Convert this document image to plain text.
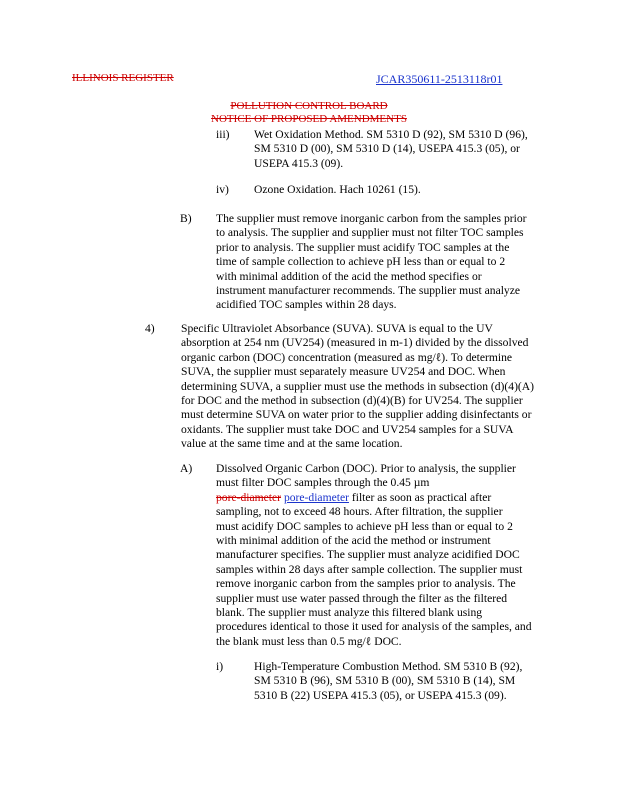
ILLINOIS REGISTER	JCAR350611-2513118r01
POLLUTION CONTROL BOARD
NOTICE OF PROPOSED AMENDMENTS
iii) Wet Oxidation Method. SM 5310 D (92), SM 5310 D (96),
SM 5310 D (00), SM 5310 D (14), USEPA 415.3 (05), or
USEPA 415.3 (09).
iv) Ozone Oxidation. Hach 10261 (15).
B) The supplier must remove inorganic carbon from the samples prior
to analysis. The supplier and supplier must not filter TOC samples
prior to analysis. The supplier must acidify TOC samples at the
time of sample collection to achieve pH less than or equal to 2
with minimal addition of the acid the method specifies or
instrument manufacturer recommends. The supplier must analyze
acidified TOC samples within 28 days.
4) Specific Ultraviolet Absorbance (SUVA). SUVA is equal to the UV
absorption at 254 nm (UV254) (measured in m-1) divided by the dissolved
organic carbon (DOC) concentration (measured as mg/ℓ). To determine
SUVA, the supplier must separately measure UV254 and DOC. When
determining SUVA, a supplier must use the methods in subsection (d)(4)(A)
for DOC and the method in subsection (d)(4)(B) for UV254. The supplier
must determine SUVA on water prior to the supplier adding disinfectants or
oxidants. The supplier must take DOC and UV254 samples for a SUVA
value at the same time and at the same location.
A) Dissolved Organic Carbon (DOC). Prior to analysis, the supplier
must filter DOC samples through the 0.45 µm
pore-diameter pore-diameter filter as soon as practical after
sampling, not to exceed 48 hours. After filtration, the supplier
must acidify DOC samples to achieve pH less than or equal to 2
with minimal addition of the acid the method or instrument
manufacturer specifies. The supplier must analyze acidified DOC
samples within 28 days after sample collection. The supplier must
remove inorganic carbon from the samples prior to analysis. The
supplier must use water passed through the filter as the filtered
blank. The supplier must analyze this filtered blank using
procedures identical to those it used for analysis of the samples, and
the blank must less than 0.5 mg/ℓ DOC.
i)	High-Temperature Combustion Method. SM 5310 B (92),
SM 5310 B (96), SM 5310 B (00), SM 5310 B (14), SM
5310 B (22) USEPA 415.3 (05), or USEPA 415.3 (09).
